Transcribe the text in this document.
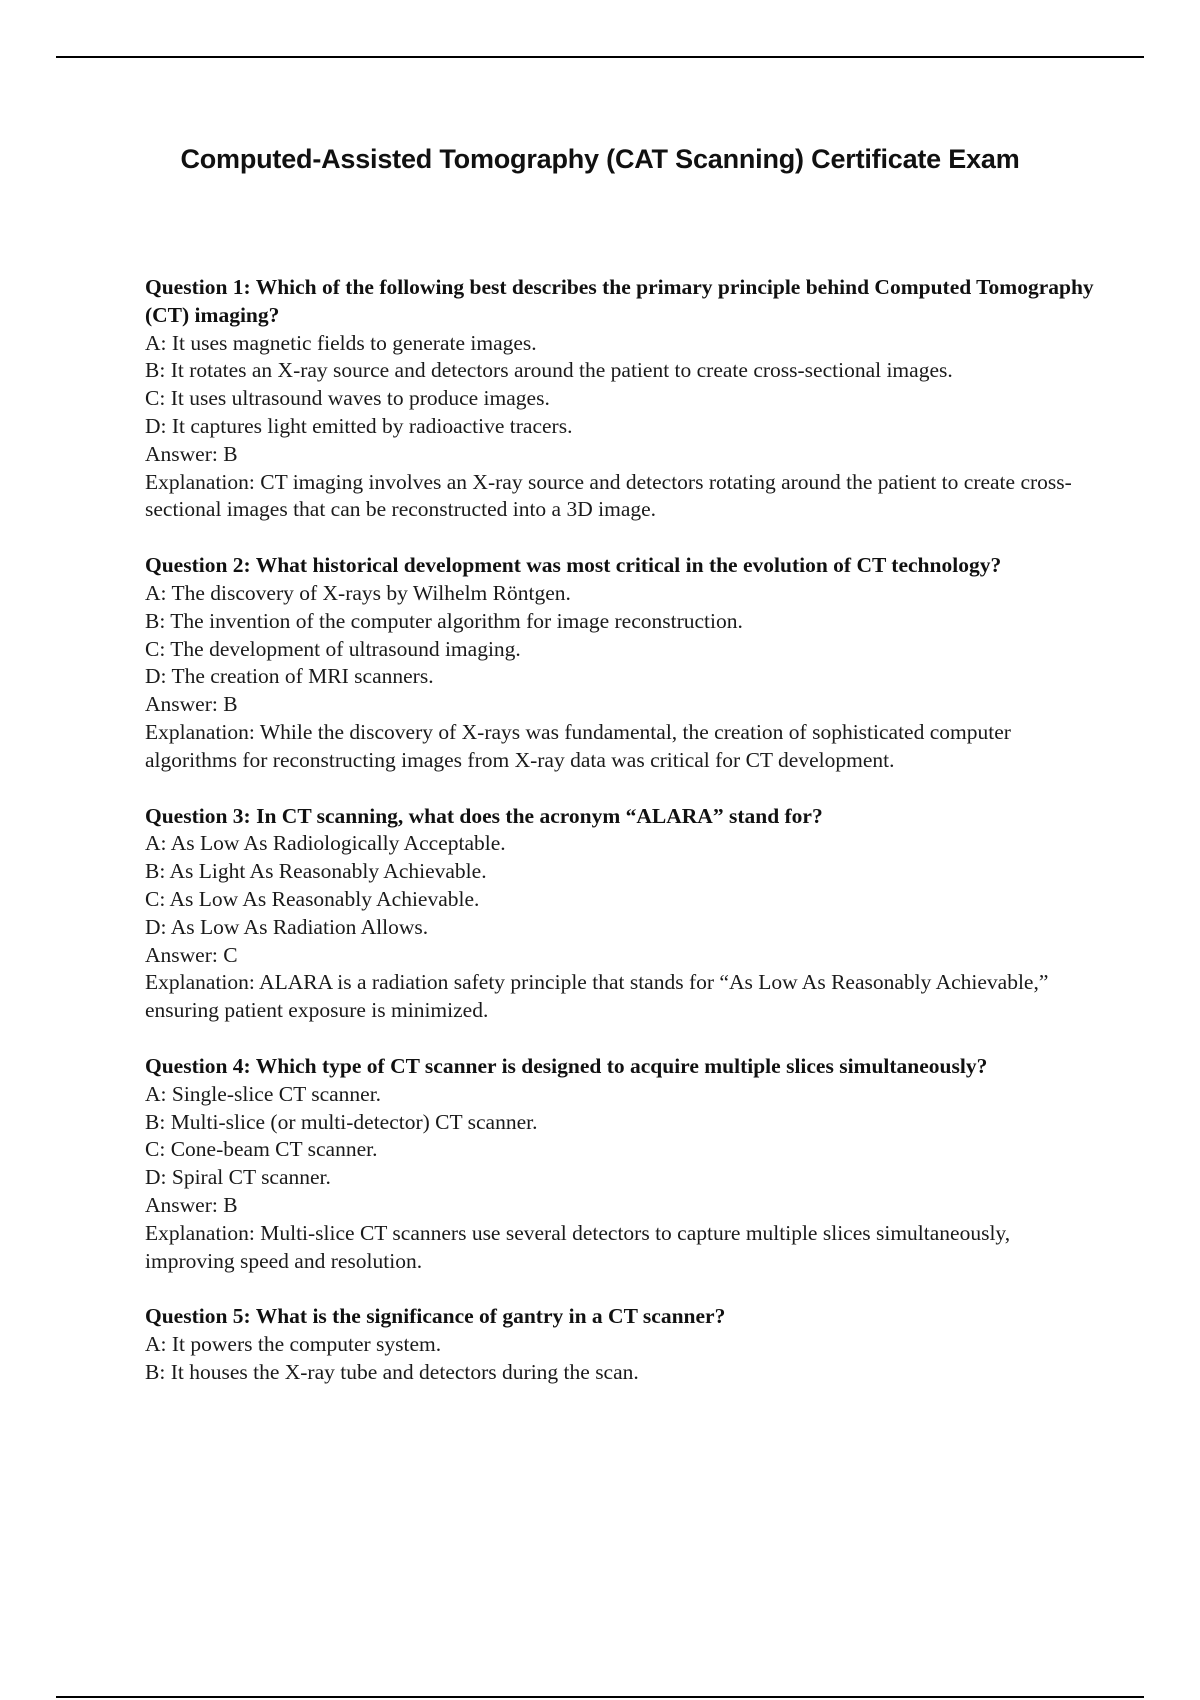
Computed-Assisted Tomography (CAT Scanning) Certificate Exam

Question 1: Which of the following best describes the primary principle behind Computed Tomography (CT) imaging?

A: It uses magnetic fields to generate images.

B: It rotates an X-ray source and detectors around the patient to create cross-sectional images.

C: It uses ultrasound waves to produce images.

D: It captures light emitted by radioactive tracers.

Answer: B

Explanation: CT imaging involves an X-ray source and detectors rotating around the patient to create cross-sectional images that can be reconstructed into a 3D image.

Question 2: What historical development was most critical in the evolution of CT technology?

A: The discovery of X-rays by Wilhelm Röntgen.

B: The invention of the computer algorithm for image reconstruction.

C: The development of ultrasound imaging.

D: The creation of MRI scanners.

Answer: B

Explanation: While the discovery of X-rays was fundamental, the creation of sophisticated computer algorithms for reconstructing images from X-ray data was critical for CT development.

Question 3: In CT scanning, what does the acronym “ALARA” stand for?

A: As Low As Radiologically Acceptable.

B: As Light As Reasonably Achievable.

C: As Low As Reasonably Achievable.

D: As Low As Radiation Allows.

Answer: C

Explanation: ALARA is a radiation safety principle that stands for “As Low As Reasonably Achievable,” ensuring patient exposure is minimized.

Question 4: Which type of CT scanner is designed to acquire multiple slices simultaneously?

A: Single-slice CT scanner.

B: Multi-slice (or multi-detector) CT scanner.

C: Cone-beam CT scanner.

D: Spiral CT scanner.

Answer: B

Explanation: Multi-slice CT scanners use several detectors to capture multiple slices simultaneously, improving speed and resolution.

Question 5: What is the significance of gantry in a CT scanner?

A: It powers the computer system.

B: It houses the X-ray tube and detectors during the scan.
